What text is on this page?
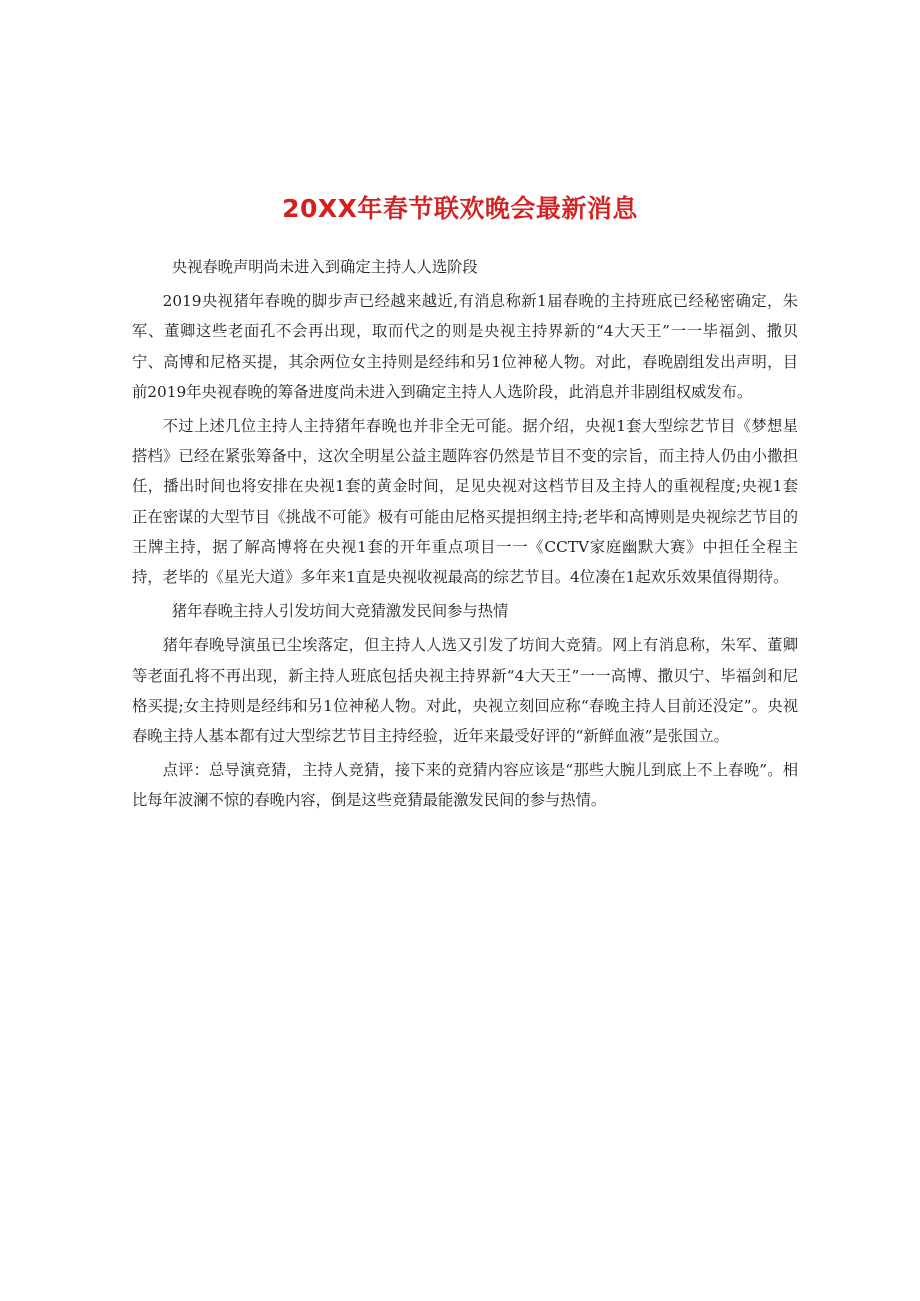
20XX年春节联欢晚会最新消息

央视春晚声明尚未进入到确定主持人人选阶段

2019央视猪年春晚的脚步声已经越来越近,有消息称新1届春晚的主持班底已经秘密确定，朱军、董卿这些老面孔不会再出现，取而代之的则是央视主持界新的“4大天王”一一毕福剑、撒贝宁、高博和尼格买提，其余两位女主持则是经纬和另1位神秘人物。对此，春晚剧组发出声明，目前2019年央视春晚的筹备进度尚未进入到确定主持人人选阶段，此消息并非剧组权威发布。

不过上述几位主持人主持猪年春晚也并非全无可能。据介绍，央视1套大型综艺节目《梦想星搭档》已经在紧张筹备中，这次全明星公益主题阵容仍然是节目不变的宗旨，而主持人仍由小撒担任，播出时间也将安排在央视1套的黄金时间，足见央视对这档节目及主持人的重视程度;央视1套正在密谋的大型节目《挑战不可能》极有可能由尼格买提担纲主持;老毕和高博则是央视综艺节目的王牌主持，据了解高博将在央视1套的开年重点项目一一《CCTV家庭幽默大赛》中担任全程主持，老毕的《星光大道》多年来1直是央视收视最高的综艺节目。4位凑在1起欢乐效果值得期待。

猪年春晚主持人引发坊间大竞猜激发民间参与热情

猪年春晚导演虽已尘埃落定，但主持人人选又引发了坊间大竞猜。网上有消息称，朱军、董卿等老面孔将不再出现，新主持人班底包括央视主持界新“4大天王”一一高博、撒贝宁、毕福剑和尼格买提;女主持则是经纬和另1位神秘人物。对此，央视立刻回应称“春晚主持人目前还没定”。央视春晚主持人基本都有过大型综艺节目主持经验，近年来最受好评的“新鲜血液”是张国立。

点评：总导演竞猜，主持人竞猜，接下来的竞猜内容应该是“那些大腕儿到底上不上春晚”。相比每年波澜不惊的春晚内容，倒是这些竞猜最能激发民间的参与热情。
